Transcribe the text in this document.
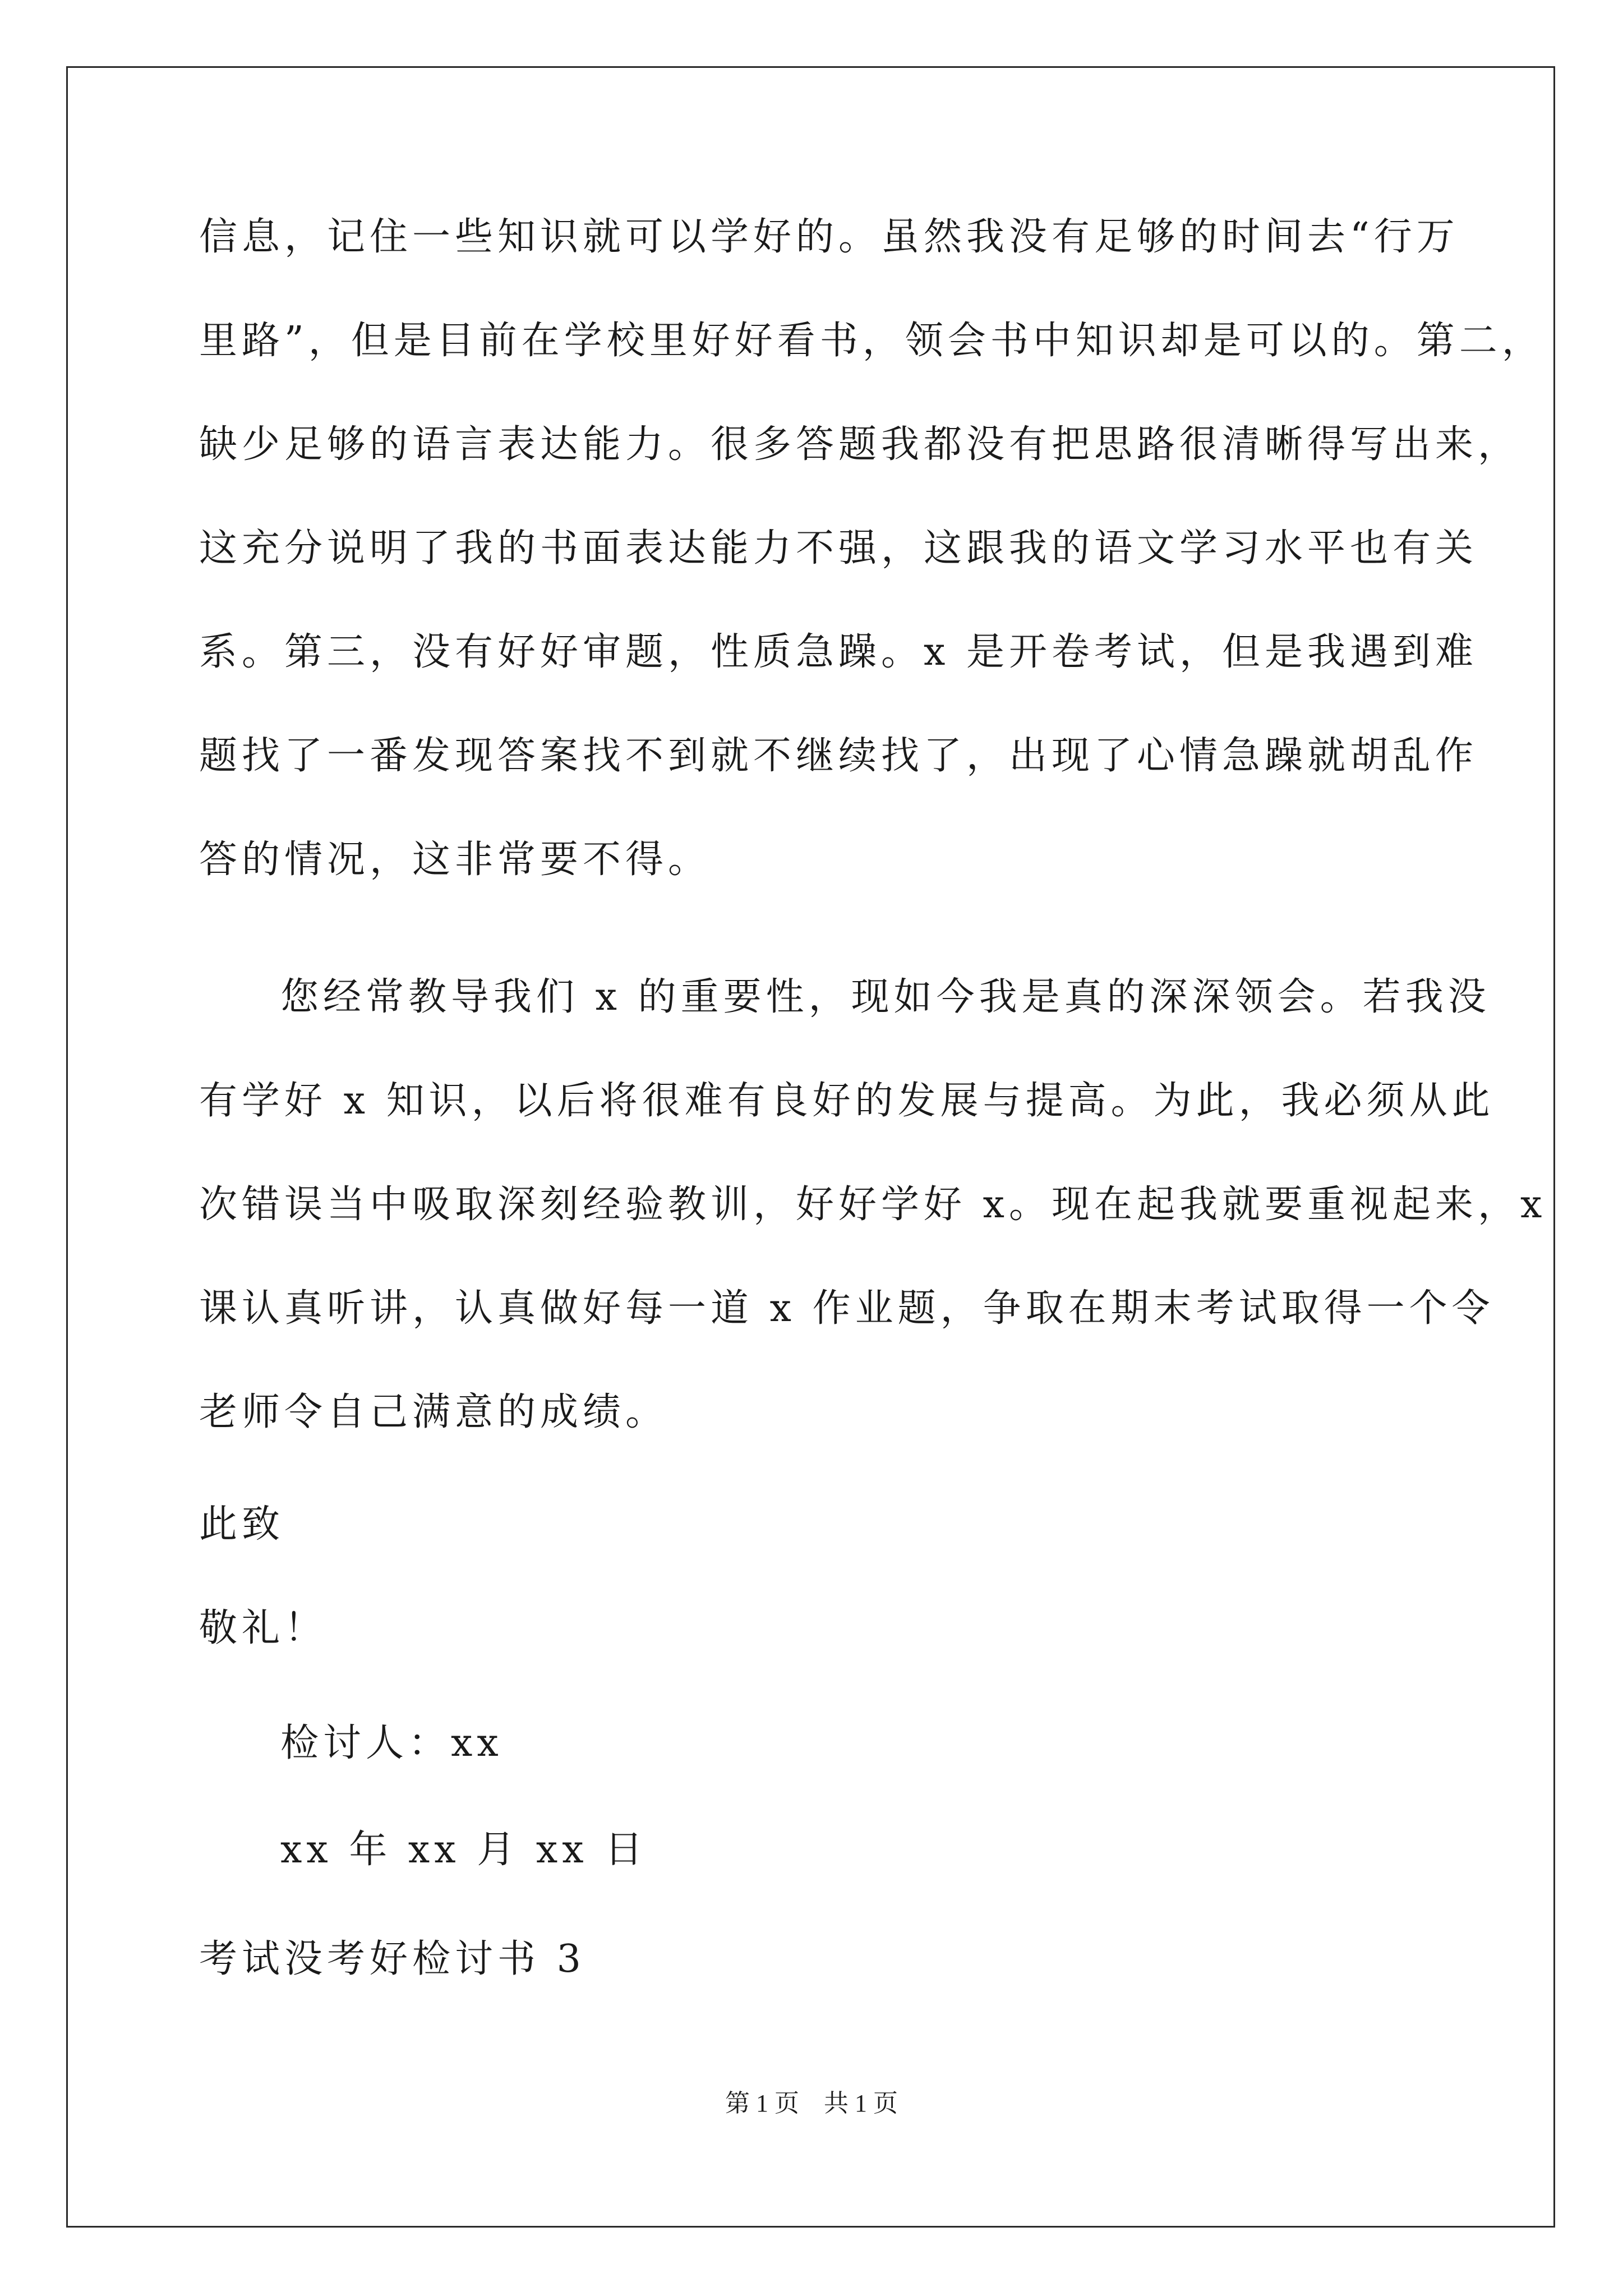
信息，记住一些知识就可以学好的。虽然我没有足够的时间去“行万

里路”，但是目前在学校里好好看书，领会书中知识却是可以的。第二，

缺少足够的语言表达能力。很多答题我都没有把思路很清晰得写出来，

这充分说明了我的书面表达能力不强，这跟我的语文学习水平也有关

系。第三，没有好好审题，性质急躁。x 是开卷考试，但是我遇到难

题找了一番发现答案找不到就不继续找了，出现了心情急躁就胡乱作

答的情况，这非常要不得。

您经常教导我们 x 的重要性，现如今我是真的深深领会。若我没

有学好 x 知识，以后将很难有良好的发展与提高。为此，我必须从此

次错误当中吸取深刻经验教训，好好学好 x。现在起我就要重视起来，x

课认真听讲，认真做好每一道 x 作业题，争取在期末考试取得一个令

老师令自己满意的成绩。

此致

敬礼！

检讨人：xx

xx 年 xx 月 xx 日

考试没考好检讨书 3

第 1 页　共 1 页
